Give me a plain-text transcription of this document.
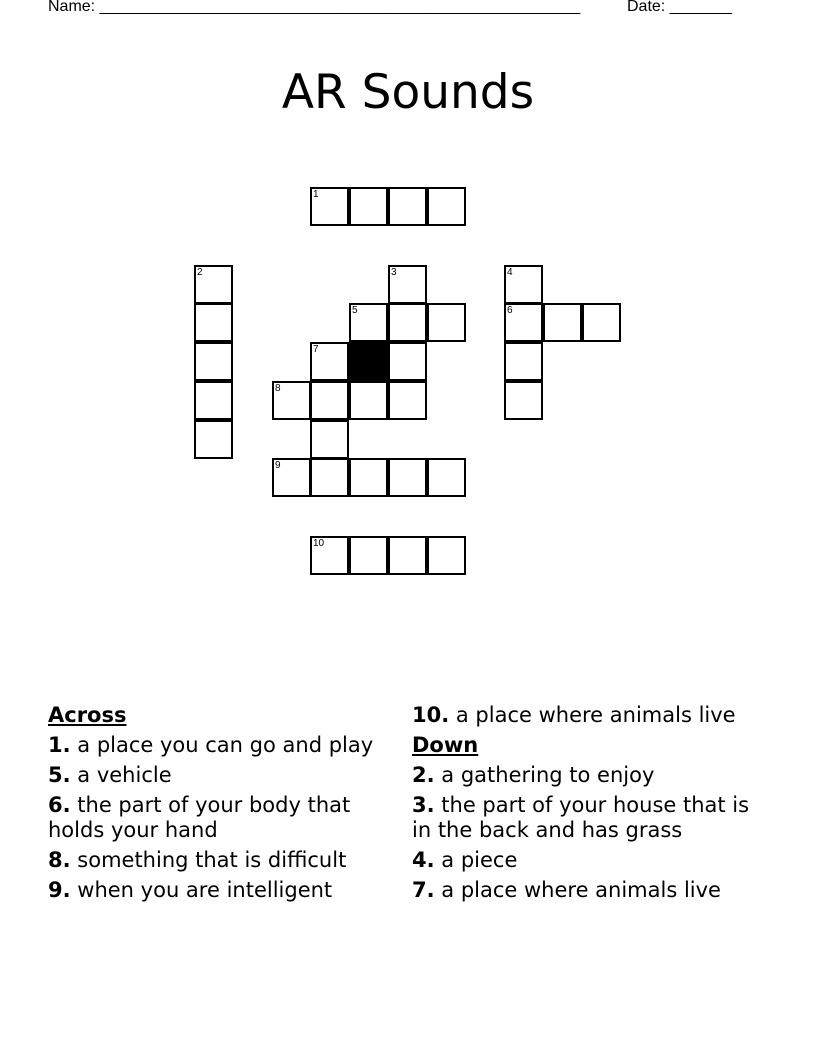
Name: ______________________________________________________	Date: _______
AR Sounds
1
2	3	4
6
5
7
8
9
10
Across
1. a place you can go and play
5. a vehicle
6. the part of your body that holds your hand
8. something that is difficult
9. when you are intelligent
10. a place where animals live
Down
2. a gathering to enjoy
3. the part of your house that is in the back and has grass
4. a piece
7. a place where animals live
